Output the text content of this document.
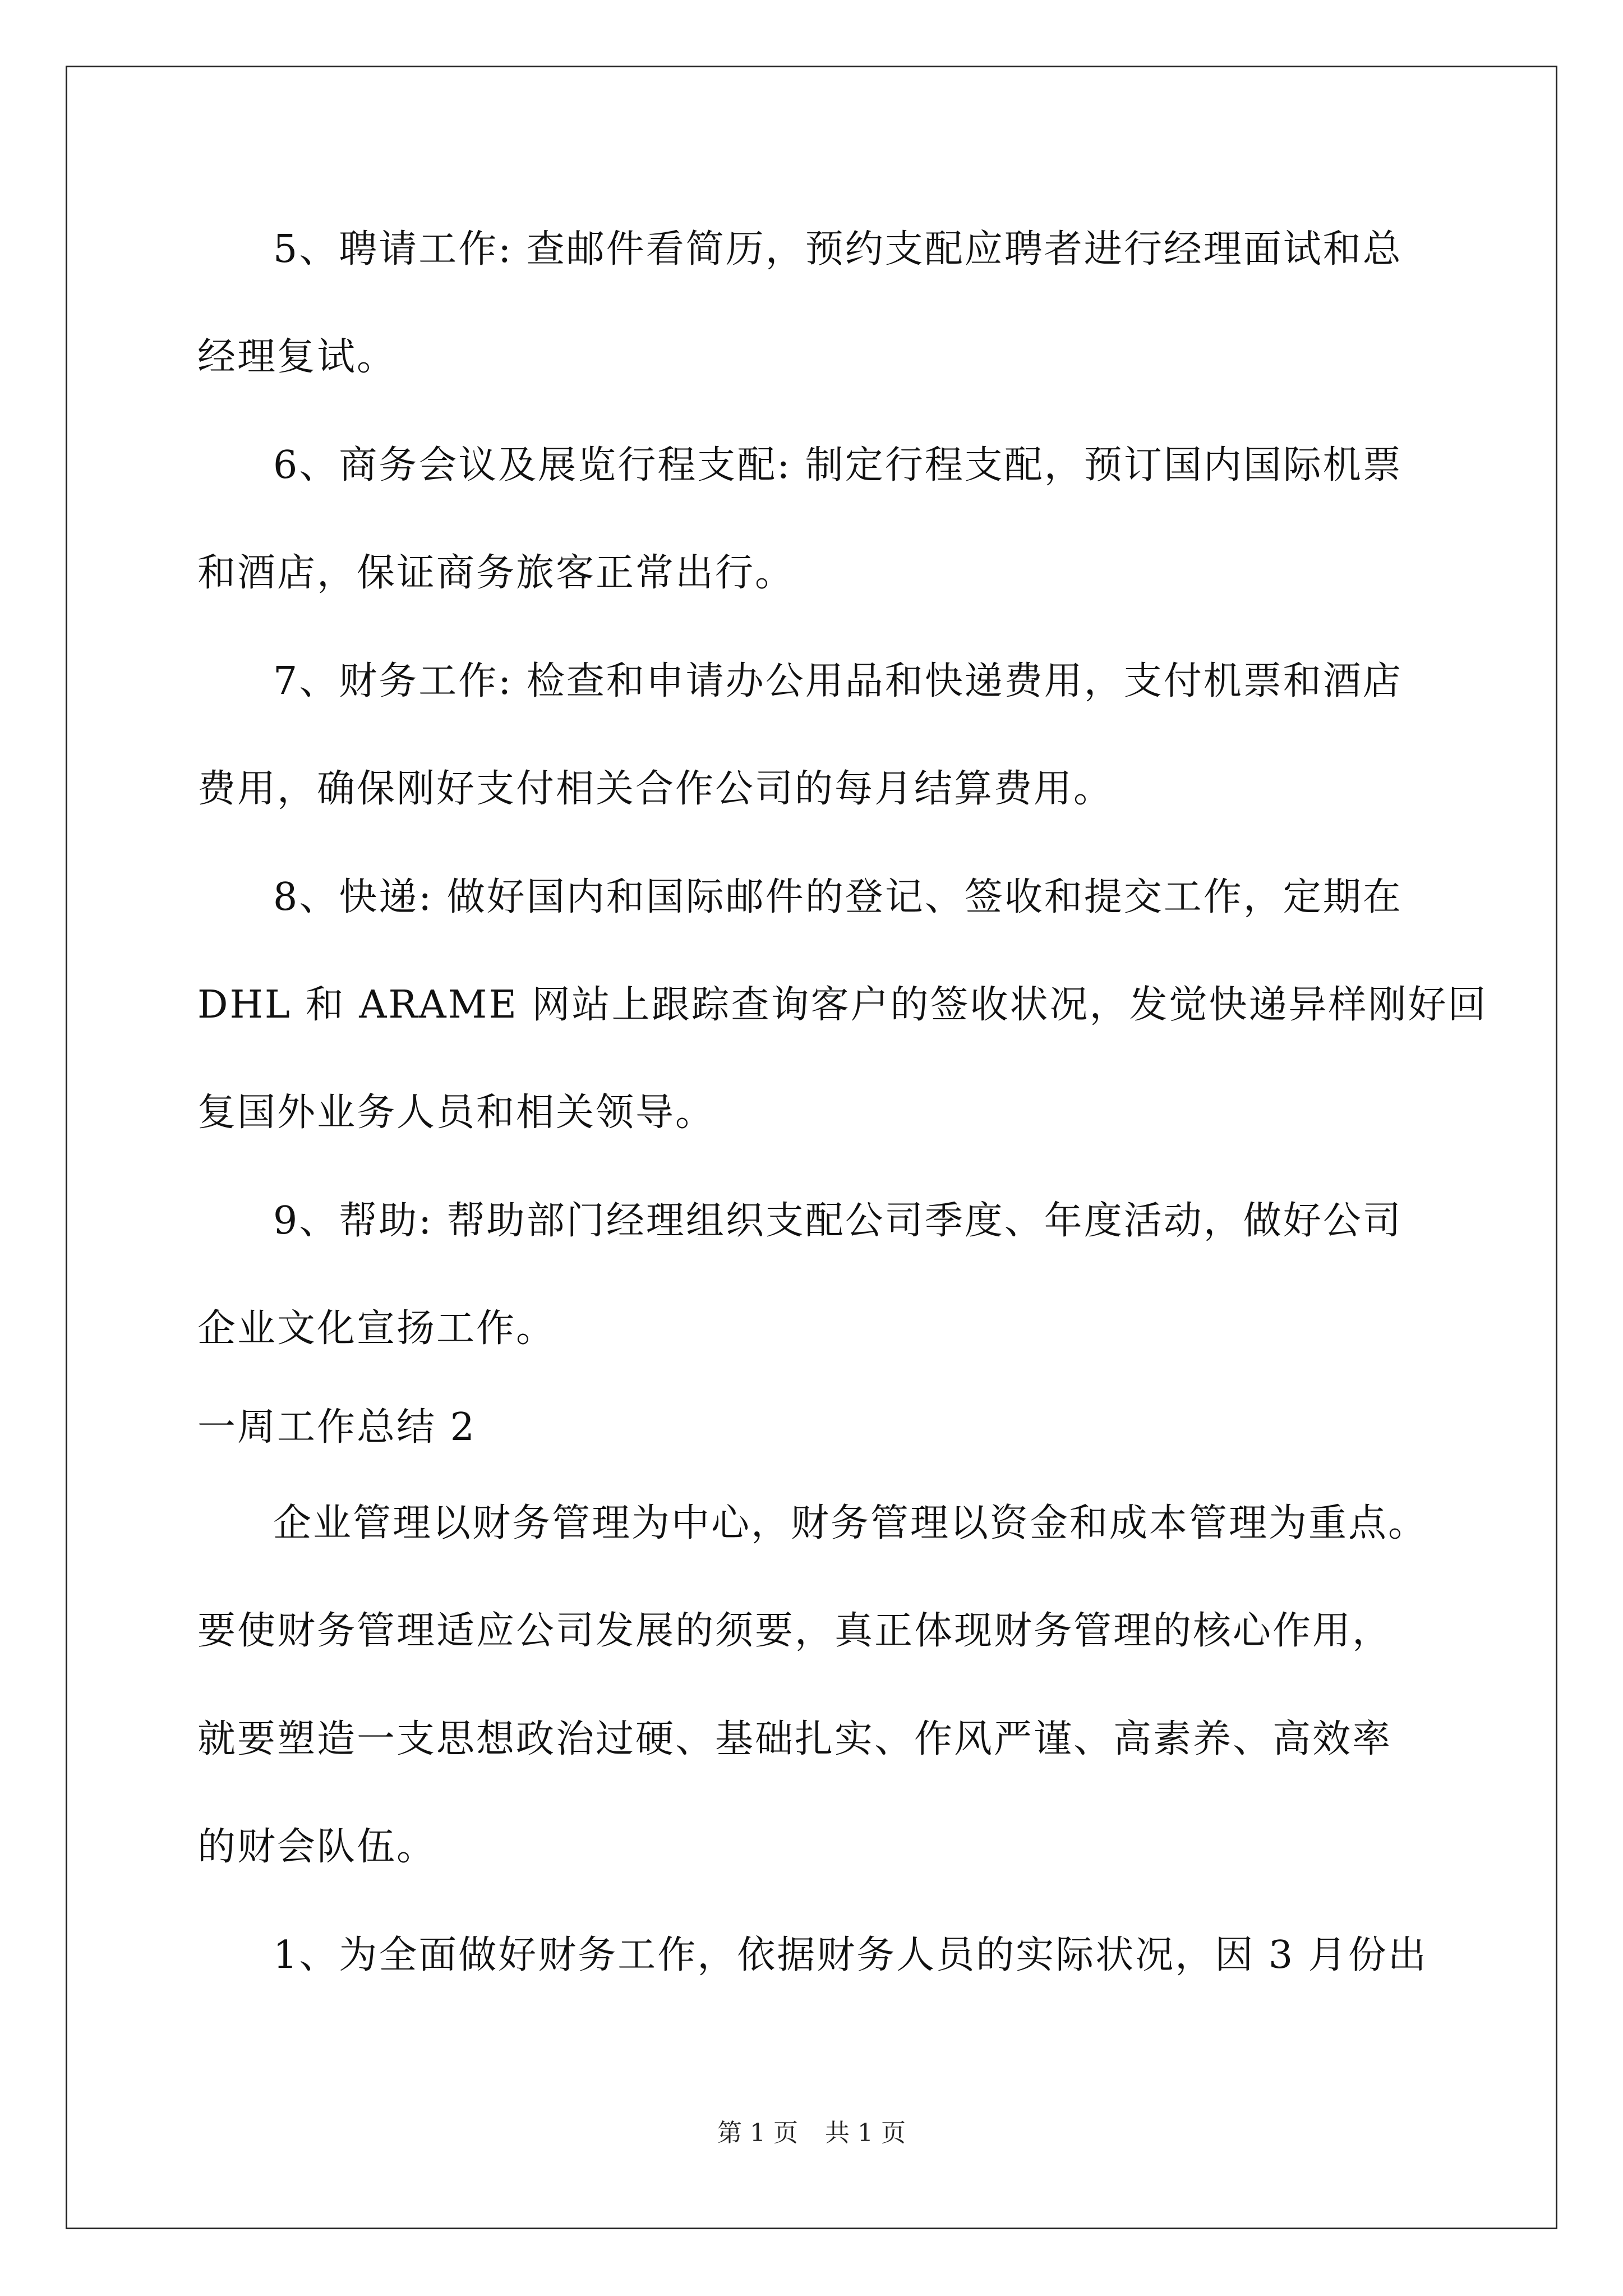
5、聘请工作: 查邮件看简历，预约支配应聘者进行经理面试和总
经理复试。
6、商务会议及展览行程支配: 制定行程支配，预订国内国际机票
和酒店，保证商务旅客正常出行。
7、财务工作: 检查和申请办公用品和快递费用，支付机票和酒店
费用，确保刚好支付相关合作公司的每月结算费用。
8、快递: 做好国内和国际邮件的登记、签收和提交工作，定期在
DHL 和 ARAME 网站上跟踪查询客户的签收状况，发觉快递异样刚好回
复国外业务人员和相关领导。
9、帮助: 帮助部门经理组织支配公司季度、年度活动，做好公司
企业文化宣扬工作。
一周工作总结 2
企业管理以财务管理为中心，财务管理以资金和成本管理为重点。
要使财务管理适应公司发展的须要，真正体现财务管理的核心作用，
就要塑造一支思想政治过硬、基础扎实、作风严谨、高素养、高效率
的财会队伍。
1、为全面做好财务工作，依据财务人员的实际状况，因 3 月份出
第 1 页 共 1 页
